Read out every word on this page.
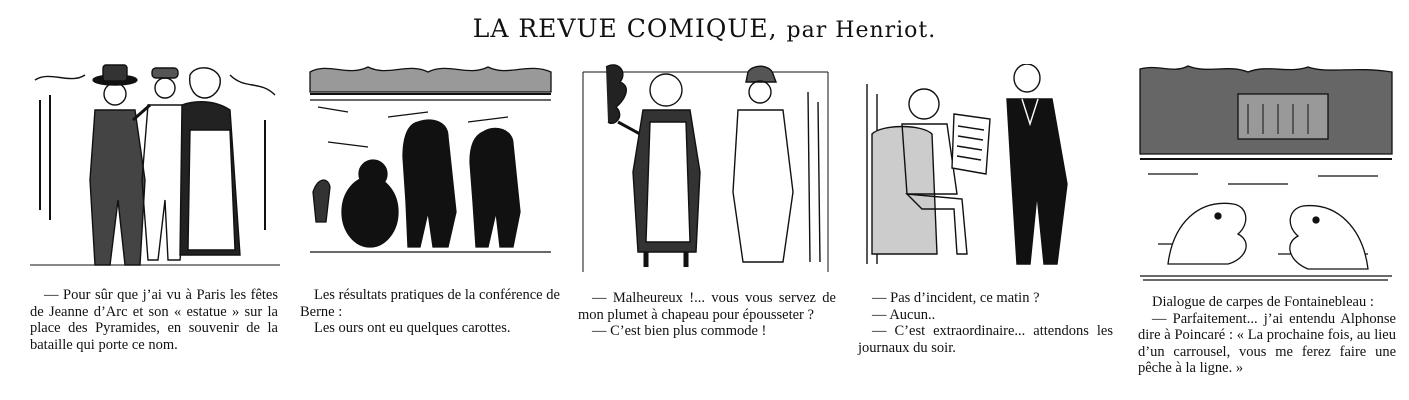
LA REVUE COMIQUE, par Henriot.

— Pour sûr que j’ai vu à Paris les fêtes de Jeanne d’Arc et son « estatue » sur la place des Pyramides, en souvenir de la bataille qui porte ce nom.

Les résultats pratiques de la conférence de Berne :

Les ours ont eu quelques carottes.

— Malheureux !... vous vous servez de mon plumet à chapeau pour épousseter ?

— C’est bien plus commode !

— Pas d’incident, ce matin ?

— Aucun..

— C’est extraordinaire... attendons les journaux du soir.

Dialogue de carpes de Fontainebleau :

— Parfaitement... j’ai entendu Alphonse dire à Poincaré : « La prochaine fois, au lieu d’un carrousel, vous me ferez faire une pêche à la ligne. »
